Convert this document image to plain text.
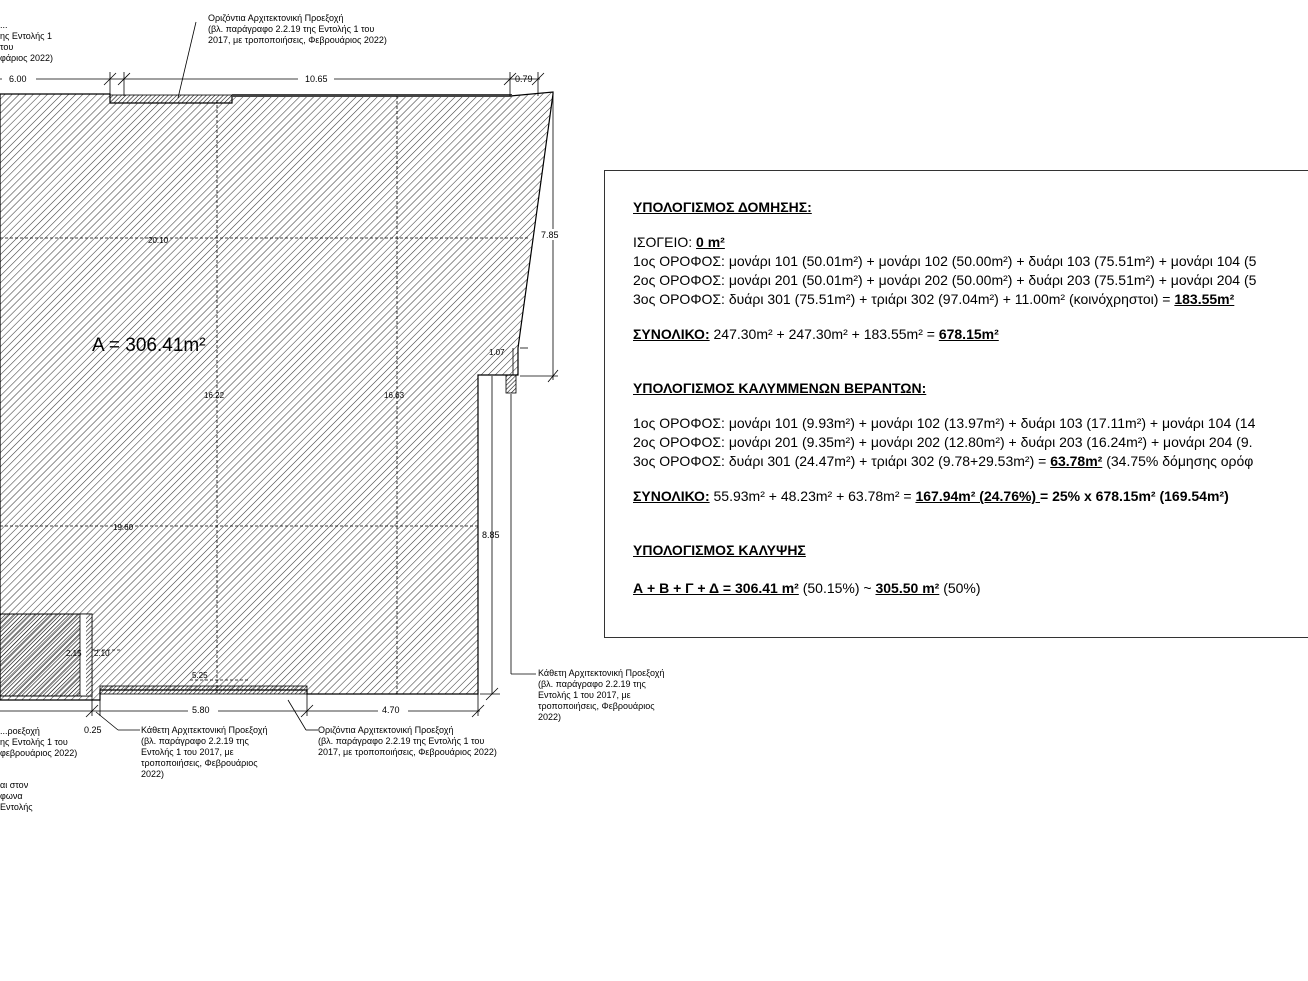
6.00	10.65	0.79
7.85
8.85
1.07
20.10
16.22	16.63
19.60
5.25
2.15 2.10
5.80	4.70
0.25
Α = 306.41m²
...
ης Εντολής 1 του
φάριος 2022)
Οριζόντια Αρχιτεκτονική Προεξοχή
(βλ. παράγραφο 2.2.19 της Εντολής 1 του
2017, με τροποποιήσεις, Φεβρουάριος 2022)
...ροεξοχή
ης Εντολής 1 του
φεβρουάριος 2022)
αι στον
φωνα
Εντολής
Κάθετη Αρχιτεκτονική Προεξοχή
(βλ. παράγραφο 2.2.19 της
Εντολής 1 του 2017, με
τροποποιήσεις, Φεβρουάριος
2022)
Οριζόντια Αρχιτεκτονική Προεξοχή
(βλ. παράγραφο 2.2.19 της Εντολής 1 του
2017, με τροποποιήσεις, Φεβρουάριος 2022)
Κάθετη Αρχιτεκτονική Προεξοχή
(βλ. παράγραφο 2.2.19 της
Εντολής 1 του 2017, με
τροποποιήσεις, Φεβρουάριος
2022)
ΥΠΟΛΟΓΙΣΜΟΣ ΔΟΜΗΣΗΣ:
ΙΣΟΓΕΙΟ: 0 m²
1ος ΟΡΟΦΟΣ: μονάρι 101 (50.01m²) + μονάρι 102 (50.00m²) + δυάρι 103 (75.51m²) + μονάρι 104 (5
2ος ΟΡΟΦΟΣ: μονάρι 201 (50.01m²) + μονάρι 202 (50.00m²) + δυάρι 203 (75.51m²) + μονάρι 204 (5
3ος ΟΡΟΦΟΣ: δυάρι 301 (75.51m²) + τριάρι 302 (97.04m²) + 11.00m² (κοινόχρηστοι) = 183.55m²
ΣΥΝΟΛΙΚΟ: 247.30m² + 247.30m² + 183.55m² = 678.15m²
ΥΠΟΛΟΓΙΣΜΟΣ ΚΑΛΥΜΜΕΝΩΝ ΒΕΡΑΝΤΩΝ:
1ος ΟΡΟΦΟΣ: μονάρι 101 (9.93m²) + μονάρι 102 (13.97m²) + δυάρι 103 (17.11m²) + μονάρι 104 (14
2ος ΟΡΟΦΟΣ: μονάρι 201 (9.35m²) + μονάρι 202 (12.80m²) + δυάρι 203 (16.24m²) + μονάρι 204 (9.
3ος ΟΡΟΦΟΣ: δυάρι 301 (24.47m²) + τριάρι 302 (9.78+29.53m²) = 63.78m² (34.75% δόμησης ορόφ
ΣΥΝΟΛΙΚΟ: 55.93m² + 48.23m² + 63.78m² = 167.94m² (24.76%) = 25% x 678.15m² (169.54m²)
ΥΠΟΛΟΓΙΣΜΟΣ ΚΑΛΥΨΗΣ
Α + Β + Γ + Δ = 306.41 m² (50.15%) ~ 305.50 m² (50%)
